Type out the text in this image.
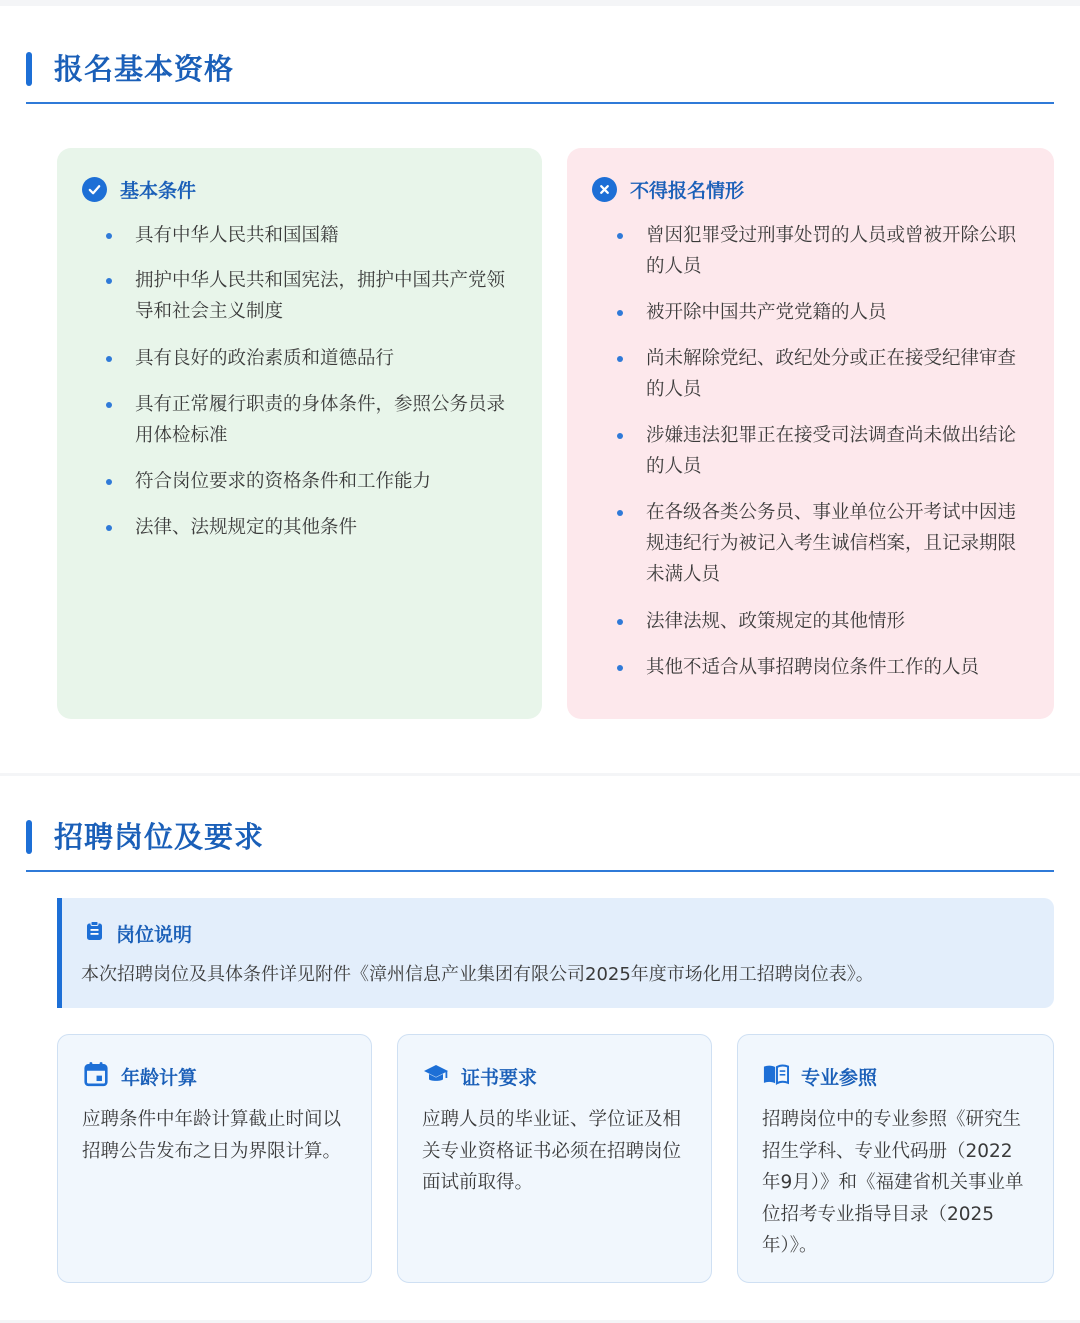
报名基本资格
基本条件
具有中华人民共和国国籍
拥护中华人民共和国宪法，拥护中国共产党领导和社会主义制度
具有良好的政治素质和道德品行
具有正常履行职责的身体条件，参照公务员录用体检标准
符合岗位要求的资格条件和工作能力
法律、法规规定的其他条件
不得报名情形
曾因犯罪受过刑事处罚的人员或曾被开除公职的人员
被开除中国共产党党籍的人员
尚未解除党纪、政纪处分或正在接受纪律审查的人员
涉嫌违法犯罪正在接受司法调查尚未做出结论的人员
在各级各类公务员、事业单位公开考试中因违规违纪行为被记入考生诚信档案，且记录期限未满人员
法律法规、政策规定的其他情形
其他不适合从事招聘岗位条件工作的人员
招聘岗位及要求
岗位说明
本次招聘岗位及具体条件详见附件《漳州信息产业集团有限公司2025年度市场化用工招聘岗位表》。
年龄计算
应聘条件中年龄计算截止时间以招聘公告发布之日为界限计算。
证书要求
应聘人员的毕业证、学位证及相关专业资格证书必须在招聘岗位面试前取得。
专业参照
招聘岗位中的专业参照《研究生招生学科、专业代码册（2022年9月）》和《福建省机关事业单位招考专业指导目录（2025年）》。
